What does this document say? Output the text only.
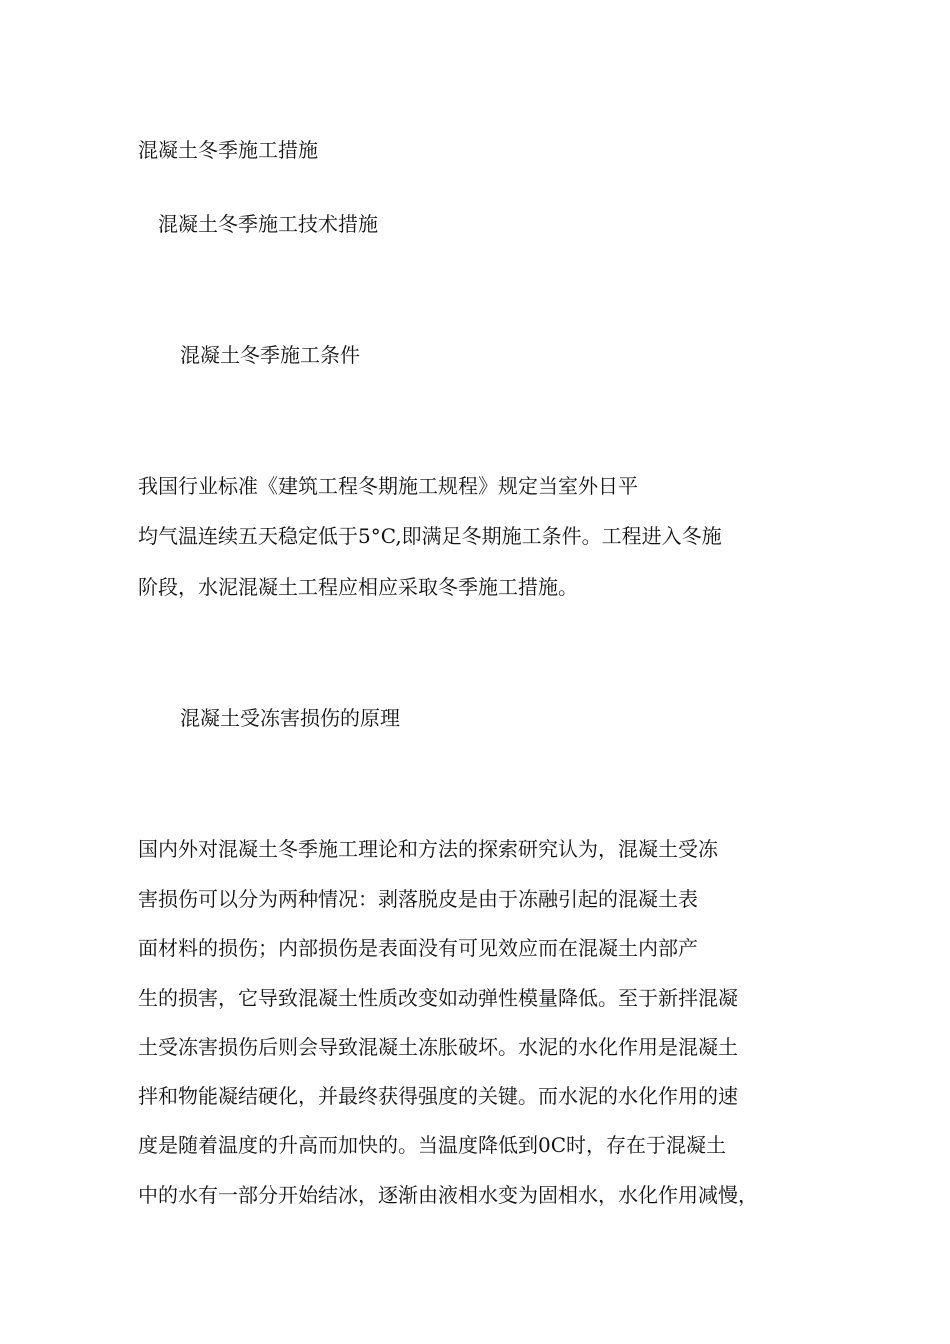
混凝土冬季施工措施

混凝土冬季施工技术措施

混凝土冬季施工条件

我国行业标准《建筑工程冬期施工规程》规定当室外日平

均气温连续五天稳定低于5°C,即满足冬期施工条件。工程进入冬施

阶段，水泥混凝土工程应相应采取冬季施工措施。

混凝土受冻害损伤的原理

国内外对混凝土冬季施工理论和方法的探索研究认为，混凝土受冻

害损伤可以分为两种情况：剥落脱皮是由于冻融引起的混凝土表

面材料的损伤；内部损伤是表面没有可见效应而在混凝土内部产

生的损害，它导致混凝土性质改变如动弹性模量降低。至于新拌混凝

土受冻害损伤后则会导致混凝土冻胀破坏。水泥的水化作用是混凝土

拌和物能凝结硬化，并最终获得强度的关键。而水泥的水化作用的速

度是随着温度的升高而加快的。当温度降低到0C时，存在于混凝土

中的水有一部分开始结冰，逐渐由液相水变为固相水，水化作用减慢，
